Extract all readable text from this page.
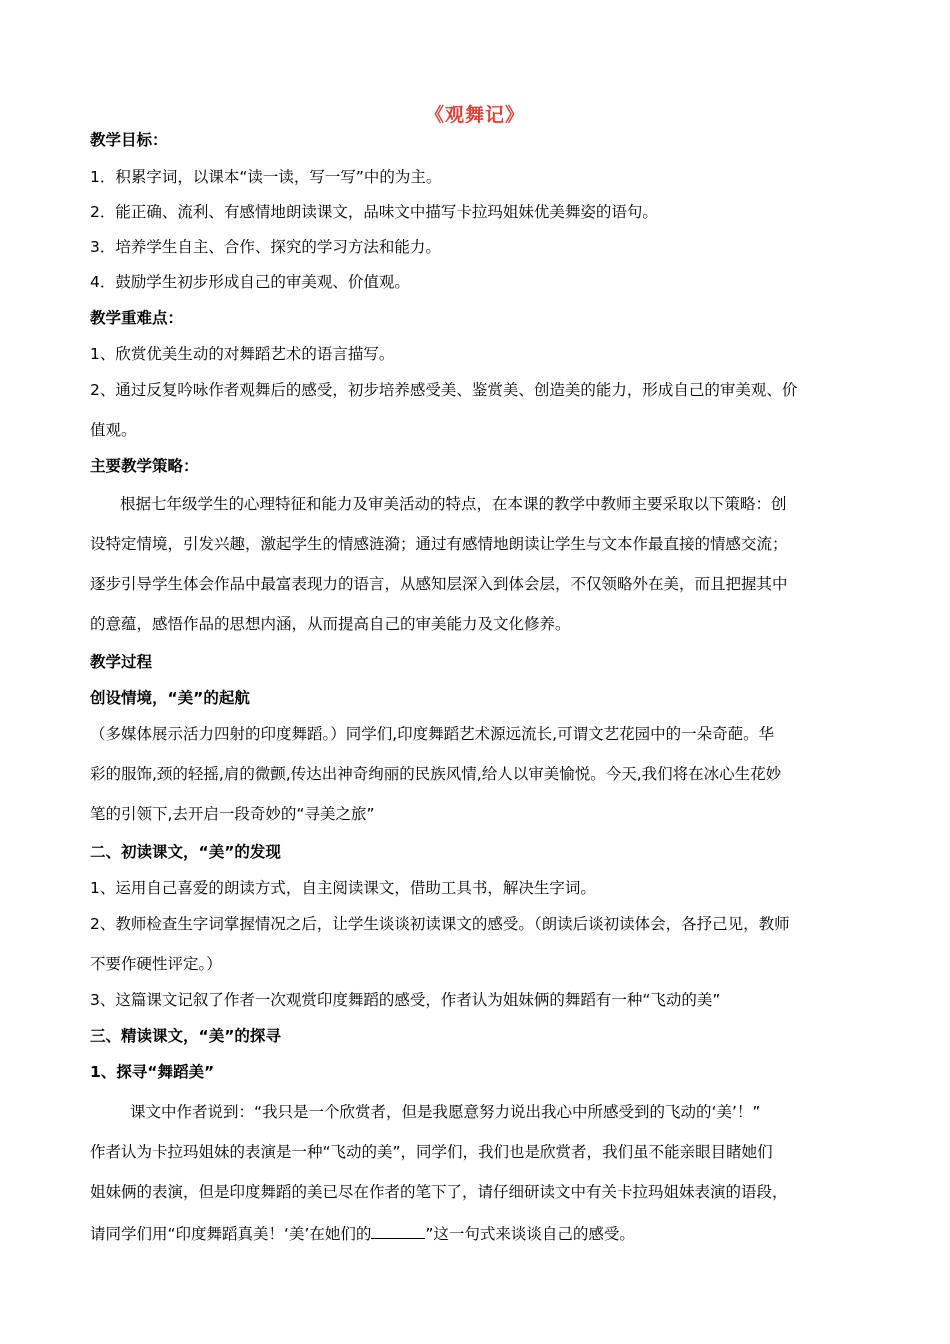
《观舞记》
教学目标：
1．积累字词，以课本“读一读，写一写”中的为主。
2．能正确、流利、有感情地朗读课文，品味文中描写卡拉玛姐妹优美舞姿的语句。
3．培养学生自主、合作、探究的学习方法和能力。
4．鼓励学生初步形成自己的审美观、价值观。
教学重难点：
1、欣赏优美生动的对舞蹈艺术的语言描写。
2、通过反复吟咏作者观舞后的感受，初步培养感受美、鉴赏美、创造美的能力，形成自己的审美观、价
值观。
主要教学策略：
根据七年级学生的心理特征和能力及审美活动的特点，在本课的教学中教师主要采取以下策略：创
设特定情境，引发兴趣，激起学生的情感涟漪；通过有感情地朗读让学生与文本作最直接的情感交流；
逐步引导学生体会作品中最富表现力的语言，从感知层深入到体会层，不仅领略外在美，而且把握其中
的意蕴，感悟作品的思想内涵，从而提高自己的审美能力及文化修养。
教学过程
创设情境，“美”的起航
（多媒体展示活力四射的印度舞蹈。）同学们,印度舞蹈艺术源远流长,可谓文艺花园中的一朵奇葩。华
彩的服饰,颈的轻摇,肩的微颤,传达出神奇绚丽的民族风情,给人以审美愉悦。今天,我们将在冰心生花妙
笔的引领下,去开启一段奇妙的“寻美之旅”
二、初读课文，“美”的发现
1、运用自己喜爱的朗读方式，自主阅读课文，借助工具书，解决生字词。
2、教师检查生字词掌握情况之后，让学生谈谈初读课文的感受。（朗读后谈初读体会，各抒己见，教师
不要作硬性评定。）
3、这篇课文记叙了作者一次观赏印度舞蹈的感受，作者认为姐妹俩的舞蹈有一种“飞动的美”
三、精读课文，“美”的探寻
1、探寻“舞蹈美”
课文中作者说到：“我只是一个欣赏者，但是我愿意努力说出我心中所感受到的飞动的‘美’！”
作者认为卡拉玛姐妹的表演是一种“飞动的美”，同学们，我们也是欣赏者，我们虽不能亲眼目睹她们
姐妹俩的表演，但是印度舞蹈的美已尽在作者的笔下了，请仔细研读文中有关卡拉玛姐妹表演的语段，
请同学们用“印度舞蹈真美！‘美’在她们的	”这一句式来谈谈自己的感受。
